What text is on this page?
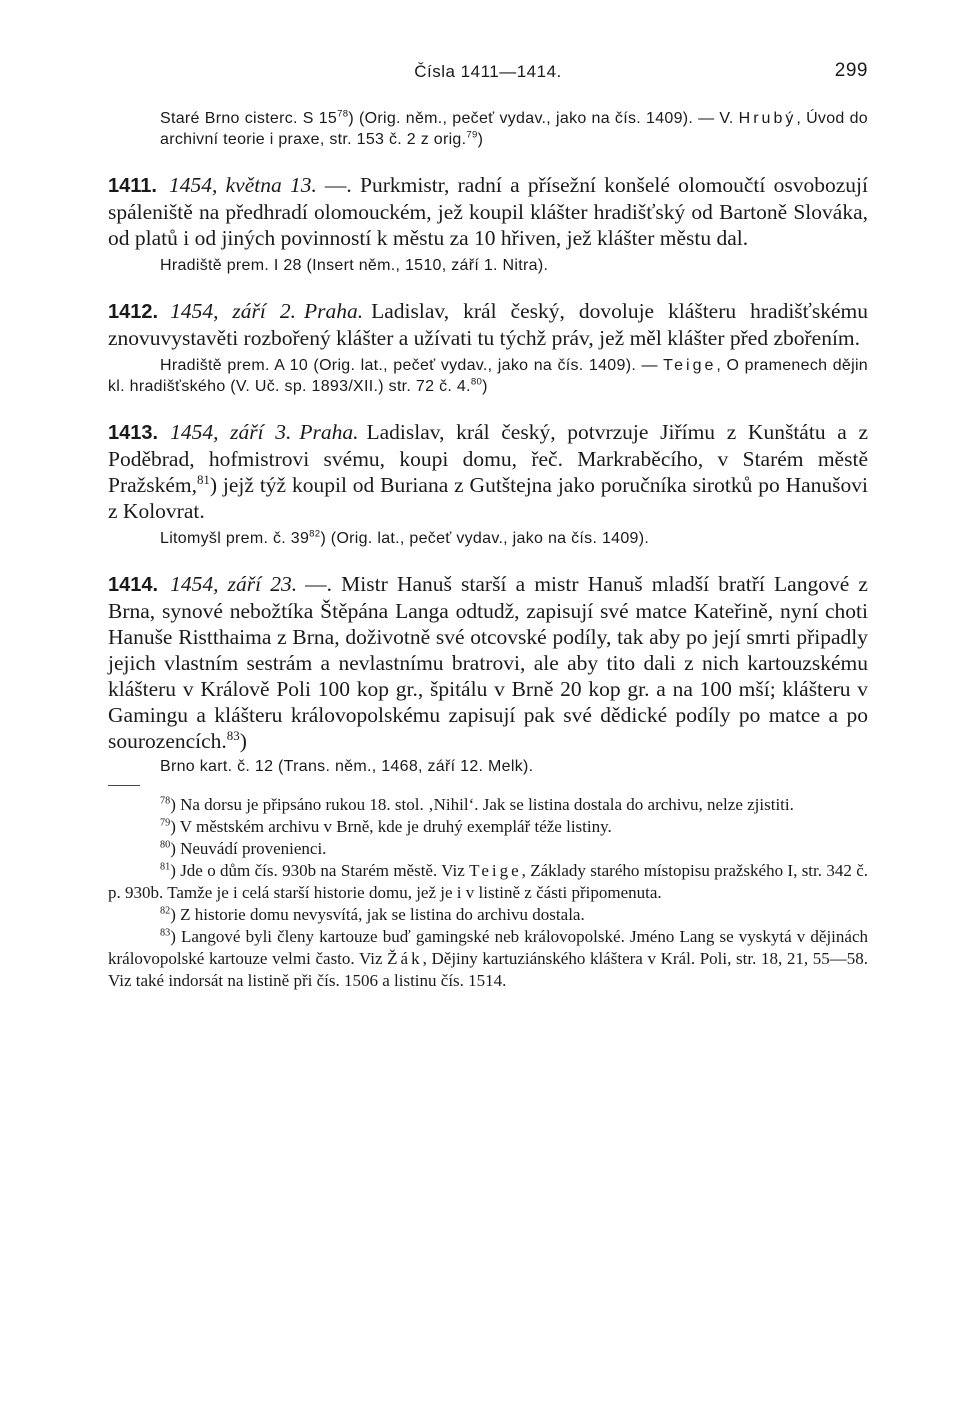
Čísla 1411—1414.	299

Staré Brno cisterc. S $15^{78}$) (Orig. něm., pečeť vydav., jako na čís. 1409). — V. Hrubý, Úvod do archivní teorie i praxe, str. 153 č. 2 z orig.$^{79}$)

1411. 1454, května 13. —. Purkmistr, radní a přísežní konšelé olomoučtí osvobozují spáleniště na předhradí olomouckém, jež koupil klášter hradišťský od Bartoně Slováka, od platů i od jiných povinností k městu za 10 hřiven, jež klášter městu dal.

Hradiště prem. I 28 (Insert něm., 1510, září 1. Nitra).

1412. 1454, září 2. Praha. Ladislav, král český, dovoluje klášteru hradišťskému znovuvystavěti rozbořený klášter a užívati tu týchž práv, jež měl klášter před zbořením.

Hradiště prem. A 10 (Orig. lat., pečeť vydav., jako na čís. 1409). — Teige, O pramenech dějin kl. hradišťského (V. Uč. sp. 1893/XII.) str. 72 č. 4.80)

1413. 1454, září 3. Praha. Ladislav, král český, potvrzuje Jiřímu z Kunštátu a z Poděbrad, hofmistrovi svému, koupi domu, řeč. Markraběcího, v Starém městě Pražském,$^{81}$) jejž týž koupil od Buriana z Gutštejna jako poručníka sirotků po Hanušovi z Kolovrat.

Litomyšl prem. č. $39^{82}$) (Orig. lat., pečeť vydav., jako na čís. 1409).

1414. 1454, září 23. —. Mistr Hanuš starší a mistr Hanuš mladší bratří Langové z Brna, synové nebožtíka Štěpána Langa odtudž, zapisují své matce Kateřině, nyní choti Hanuše Ristthaima z Brna, doživotně své otcovské podíly, tak aby po její smrti připadly jejich vlastním sestrám a nevlastnímu bratrovi, ale aby tito dali z nich kartouzskému klášteru v Králově Poli 100 kop gr., špitálu v Brně 20 kop gr. a na 100 mší; klášteru v Gamingu a klášteru královopolskému zapisují pak své dědické podíly po matce a po sourozencích.$^{83}$)

Brno kart. č. 12 (Trans. něm., 1468, září 12. Melk).

$^{78}$) Na dorsu je připsáno rukou 18. stol. ‚Nihil‘. Jak se listina dostala do archivu, nelze zjistiti.

$^{79}$) V městském archivu v Brně, kde je druhý exemplář téže listiny.

$^{80}$) Neuvádí provenienci.

$^{81}$) Jde o dům čís. 930b na Starém městě. Viz Teige, Základy starého místopisu pražského I, str. 342 č. p. 930b. Tamže je i celá starší historie domu, jež je i v listině z části připomenuta.

$^{82}$) Z historie domu nevysvítá, jak se listina do archivu dostala.

$^{83}$) Langové byli členy kartouze buď gamingské neb královopolské. Jméno Lang se vyskytá v dějinách královopolské kartouze velmi často. Viz Žák, Dějiny kartuziánského kláštera v Král. Poli, str. 18, 21, 55—58. Viz také indorsát na listině při čís. 1506 a listinu čís. 1514.
